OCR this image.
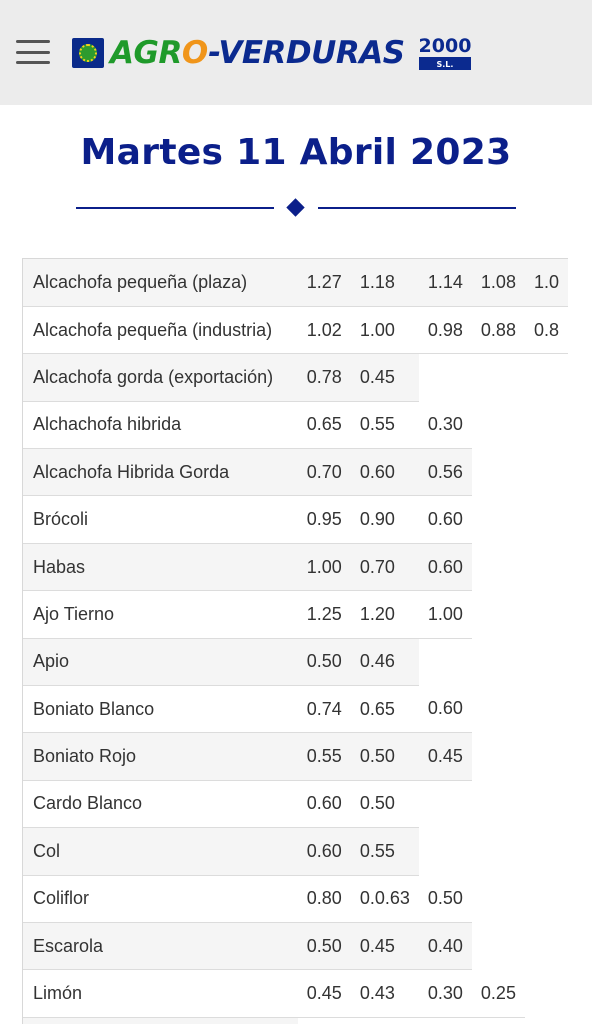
AGRO-VERDURAS 2000
S.L.
Martes 11 Abril 2023
Alcachofa pequeña (plaza)	1.27	1.18	1.14	1.08	1.0
Alcachofa pequeña (industria)	1.02	1.00	0.98	0.88	0.8
Alcachofa gorda (exportación)	0.78	0.45			
Alchachofa hibrida	0.65	0.55	0.30		
Alcachofa Hibrida Gorda	0.70	0.60	0.56		
Brócoli	0.95	0.90	0.60		
Habas	1.00	0.70	0.60		
Ajo Tierno	1.25	1.20	1.00		
Apio	0.50	0.46			
Boniato Blanco	0.74	0.65	0.60		
Boniato Rojo	0.55	0.50	0.45		
Cardo Blanco	0.60	0.50			
Col	0.60	0.55			
Coliflor	0.80	0.0.63	0.50		
Escarola	0.50	0.45	0.40		
Limón	0.45	0.43	0.30	0.25	
